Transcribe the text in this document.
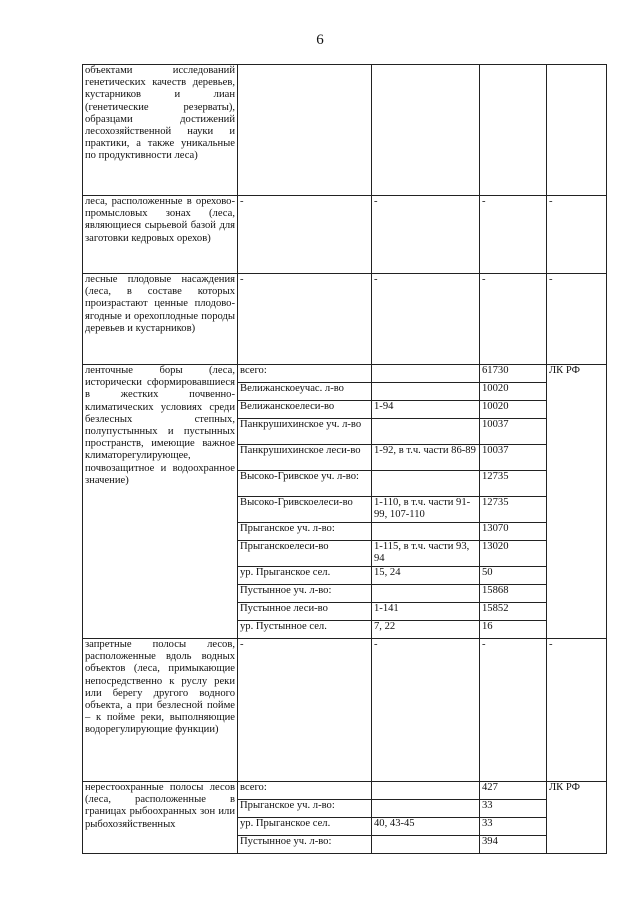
6
объектами исследований генетических качеств деревьев, кустарников и лиан (генетические резерваты), образцами достижений лесохозяйственной науки и практики, а также уникальные по продуктивности леса)				
леса, расположенные в орехово-промысловых зонах (леса, являющиеся сырьевой базой для заготовки кедровых орехов)	-	-	-	-
лесные плодовые насаждения (леса, в составе которых произрастают ценные плодово-ягодные и орехоплодные породы деревьев и кустарников)	-	-	-	-
ленточные боры (леса, исторически сформировавшиеся в жестких почвенно-климатических условиях среди безлесных степных, полупустынных и пустынных пространств, имеющие важное климаторегулирующее, почвозащитное и водоохранное значение)	всего:		61730	ЛК РФ
	Велижанскоеучас. л-во		10020	
	Велижанскоелеси-во	1-94	10020	
	Панкрушихинское уч. л-во		10037	
	Панкрушихинское леси-во	1-92, в т.ч. части 86-89	10037	
	Высоко-Гривское уч. л-во:		12735	
	Высоко-Гривскоелеси-во	1-110, в т.ч. части 91-99, 107-110	12735	
	Прыганское уч. л-во:		13070	
	Прыганскоелеси-во	1-115, в т.ч. части 93, 94	13020	
	ур. Прыганское сел.	15, 24	50	
	Пустынное уч. л-во:		15868	
	Пустынное леси-во	1-141	15852	
	ур. Пустынное сел.	7, 22	16	
запретные полосы лесов, расположенные вдоль водных объектов (леса, примыкающие непосредственно к руслу реки или берегу другого водного объекта, а при безлесной пойме – к пойме реки, выполняющие водорегулирующие функции)	-	-	-	-
нерестоохранные полосы лесов (леса, расположенные в границах рыбоохранных зон или рыбохозяйственных	всего:		427	ЛК РФ
	Прыганское уч. л-во:		33	
	ур. Прыганское сел.	40, 43-45	33	
	Пустынное уч. л-во:		394	
